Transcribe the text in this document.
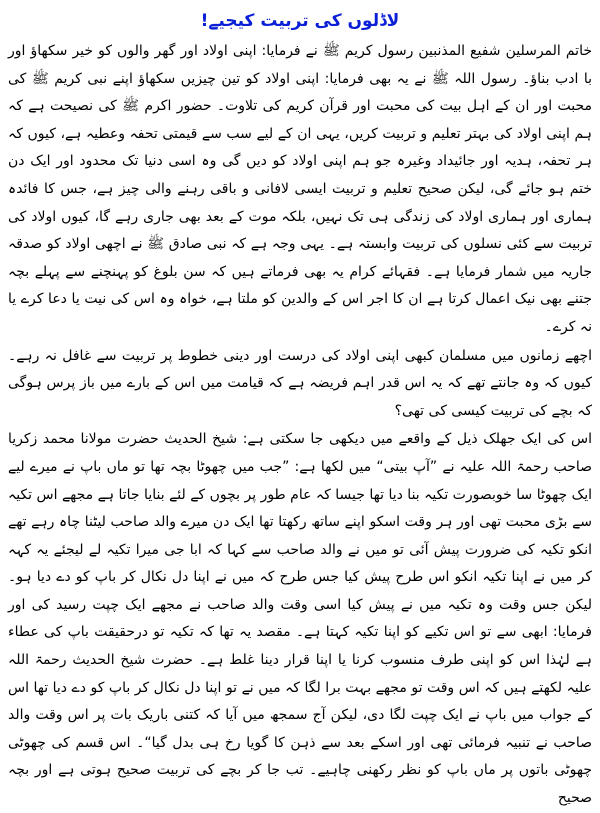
لاڈلوں کی تربیت کیجیے!

خاتم المرسلین شفیع المذنبین رسول کریم ﷺ نے فرمایا: اپنی اولاد اور گھر والوں کو خیر سکھاؤ اور با ادب بناؤ۔ رسول اللہ ﷺ نے یہ بھی فرمایا: اپنی اولاد کو تین چیزیں سکھاؤ اپنے نبی کریم ﷺ کی محبت اور ان کے اہل بیت کی محبت اور قرآن کریم کی تلاوت۔ حضور اکرم ﷺ کی نصیحت ہے کہ ہم اپنی اولاد کی بہتر تعلیم و تربیت کریں، یہی ان کے لیے سب سے قیمتی تحفہ وعطیہ ہے، کیوں کہ ہر تحفہ، ہدیہ اور جائیداد وغیرہ جو ہم اپنی اولاد کو دیں گی وہ اسی دنیا تک محدود اور ایک دن ختم ہو جائے گی، لیکن صحیح تعلیم و تربیت ایسی لافانی و باقی رہنے والی چیز ہے، جس کا فائدہ ہماری اور ہماری اولاد کی زندگی ہی تک نہیں، بلکہ موت کے بعد بھی جاری رہے گا، کیوں اولاد کی تربیت سے کئی نسلوں کی تربیت وابستہ ہے۔ یہی وجہ ہے کہ نبی صادق ﷺ نے اچھی اولاد کو صدقہ جاریہ میں شمار فرمایا ہے۔ فقہائے کرام یہ بھی فرماتے ہیں کہ سن بلوغ کو پہنچنے سے پہلے بچہ جتنے بھی نیک اعمال کرتا ہے ان کا اجر اس کے والدین کو ملتا ہے، خواہ وہ اس کی نیت یا دعا کرے یا نہ کرے۔

اچھے زمانوں میں مسلمان کبھی اپنی اولاد کی درست اور دینی خطوط پر تربیت سے غافل نہ رہے۔ کیوں کہ وہ جانتے تھے کہ یہ اس قدر اہم فریضہ ہے کہ قیامت میں اس کے بارے میں باز پرس ہوگی کہ بچے کی تربیت کیسی کی تھی؟

اس کی ایک جھلک ذیل کے واقعے میں دیکھی جا سکتی ہے: شیخ الحدیث حضرت مولانا محمد زکریا صاحب رحمۃ اللہ علیہ نے ”آپ بیتی“ میں لکھا ہے: ”جب میں چھوٹا بچہ تھا تو ماں باپ نے میرے لیے ایک چھوٹا سا خوبصورت تکیہ بنا دیا تھا جیسا کہ عام طور پر بچوں کے لئے بنایا جاتا ہے مجھے اس تکیہ سے بڑی محبت تھی اور ہر وقت اسکو اپنے ساتھ رکھتا تھا ایک دن میرے والد صاحب لیٹنا چاہ رہے تھے انکو تکیہ کی ضرورت پیش آئی تو میں نے والد صاحب سے کہا کہ ابا جی میرا تکیہ لے لیجئے یہ کہہ کر میں نے اپنا تکیہ انکو اس طرح پیش کیا جس طرح کہ میں نے اپنا دل نکال کر باپ کو دے دیا ہو۔ لیکن جس وقت وہ تکیہ میں نے پیش کیا اسی وقت والد صاحب نے مجھے ایک چپت رسید کی اور فرمایا: ابھی سے تو اس تکیے کو اپنا تکیہ کہتا ہے۔ مقصد یہ تھا کہ تکیہ تو درحقیقت باپ کی عطاء ہے لہٰذا اس کو اپنی طرف منسوب کرنا یا اپنا قرار دینا غلط ہے۔ حضرت شیخ الحدیث رحمۃ اللہ علیہ لکھتے ہیں کہ اس وقت تو مجھے بہت برا لگا کہ میں نے تو اپنا دل نکال کر باپ کو دے دیا تھا اس کے جواب میں باپ نے ایک چپت لگا دی، لیکن آج سمجھ میں آیا کہ کتنی باریک بات پر اس وقت والد صاحب نے تنبیہ فرمائی تھی اور اسکے بعد سے ذہن کا گویا رخ ہی بدل گیا“۔ اس قسم کی چھوٹی چھوٹی باتوں پر ماں باپ کو نظر رکھنی چاہیے۔ تب جا کر بچے کی تربیت صحیح ہوتی ہے اور بچہ صحیح
